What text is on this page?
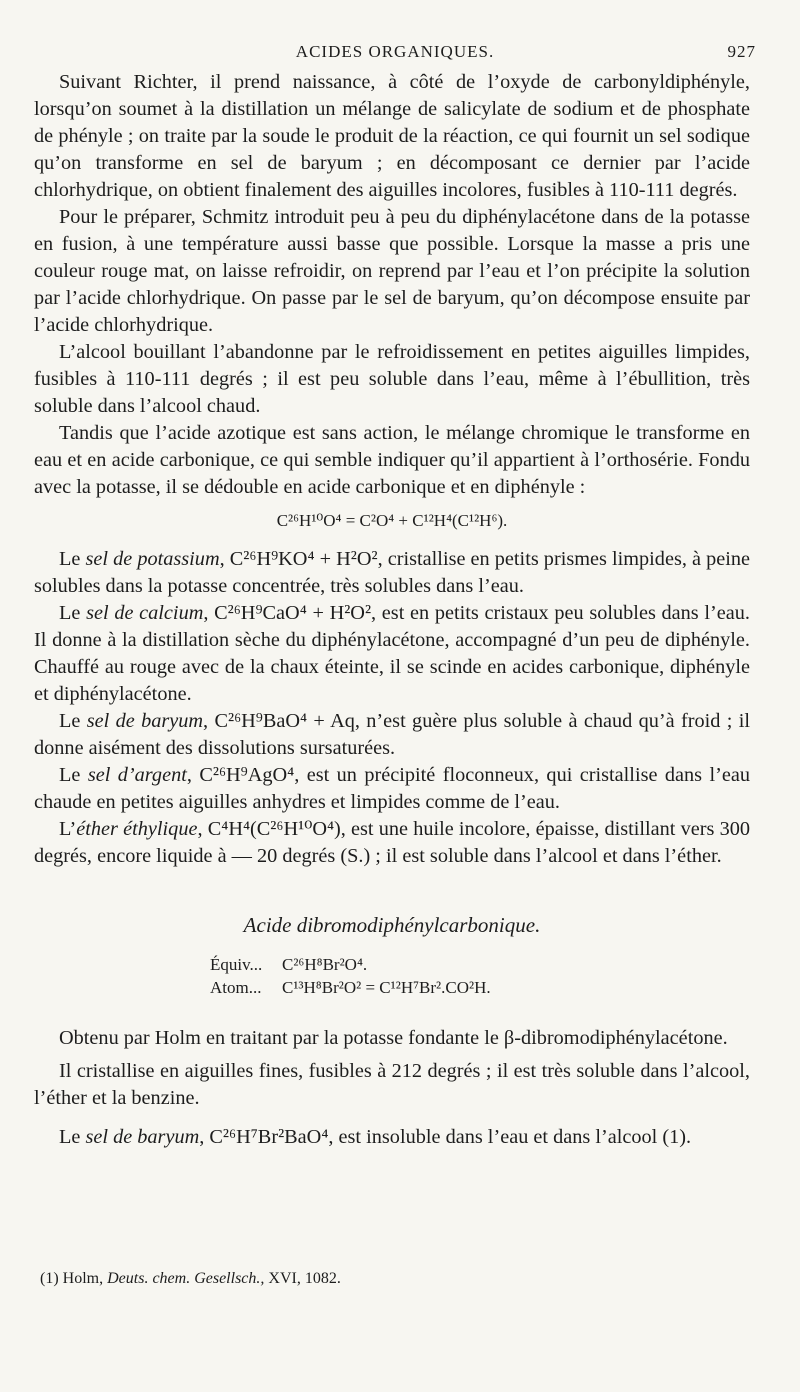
ACIDES ORGANIQUES.	927

Suivant Richter, il prend naissance, à côté de l’oxyde de carbonyldiphényle, lorsqu’on soumet à la distillation un mélange de salicylate de sodium et de phosphate de phényle ; on traite par la soude le produit de la réaction, ce qui fournit un sel sodique qu’on transforme en sel de baryum ; en décomposant ce dernier par l’acide chlorhydrique, on obtient finalement des aiguilles incolores, fusibles à 110-111 degrés.

Pour le préparer, Schmitz introduit peu à peu du diphénylacétone dans de la potasse en fusion, à une température aussi basse que possible. Lorsque la masse a pris une couleur rouge mat, on laisse refroidir, on reprend par l’eau et l’on précipite la solution par l’acide chlorhydrique. On passe par le sel de baryum, qu’on décompose ensuite par l’acide chlorhydrique.

L’alcool bouillant l’abandonne par le refroidissement en petites aiguilles limpides, fusibles à 110-111 degrés ; il est peu soluble dans l’eau, même à l’ébullition, très soluble dans l’alcool chaud.

Tandis que l’acide azotique est sans action, le mélange chromique le transforme en eau et en acide carbonique, ce qui semble indiquer qu’il appartient à l’orthosérie. Fondu avec la potasse, il se dédouble en acide carbonique et en diphényle :

C²⁶H¹⁰O⁴ = C²O⁴ + C¹²H⁴(C¹²H⁶).

Le sel de potassium, C²⁶H⁹KO⁴ + H²O², cristallise en petits prismes limpides, à peine solubles dans la potasse concentrée, très solubles dans l’eau.

Le sel de calcium, C²⁶H⁹CaO⁴ + H²O², est en petits cristaux peu solubles dans l’eau. Il donne à la distillation sèche du diphénylacétone, accompagné d’un peu de diphényle. Chauffé au rouge avec de la chaux éteinte, il se scinde en acides carbonique, diphényle et diphénylacétone.

Le sel de baryum, C²⁶H⁹BaO⁴ + Aq, n’est guère plus soluble à chaud qu’à froid ; il donne aisément des dissolutions sursaturées.

Le sel d’argent, C²⁶H⁹AgO⁴, est un précipité floconneux, qui cristallise dans l’eau chaude en petites aiguilles anhydres et limpides comme de l’eau.

L’éther éthylique, C⁴H⁴(C²⁶H¹⁰O⁴), est une huile incolore, épaisse, distillant vers 300 degrés, encore liquide à — 20 degrés (S.) ; il est soluble dans l’alcool et dans l’éther.

Acide dibromodiphénylcarbonique.
Équiv... C²⁶H⁸Br²O⁴.
Atom... C¹³H⁸Br²O² = C¹²H⁷Br².CO²H.

Obtenu par Holm en traitant par la potasse fondante le β-dibromodiphénylacétone.

Il cristallise en aiguilles fines, fusibles à 212 degrés ; il est très soluble dans l’alcool, l’éther et la benzine.

Le sel de baryum, C²⁶H⁷Br²BaO⁴, est insoluble dans l’eau et dans l’alcool (1).

(1) Holm, Deuts. chem. Gesellsch., XVI, 1082.
